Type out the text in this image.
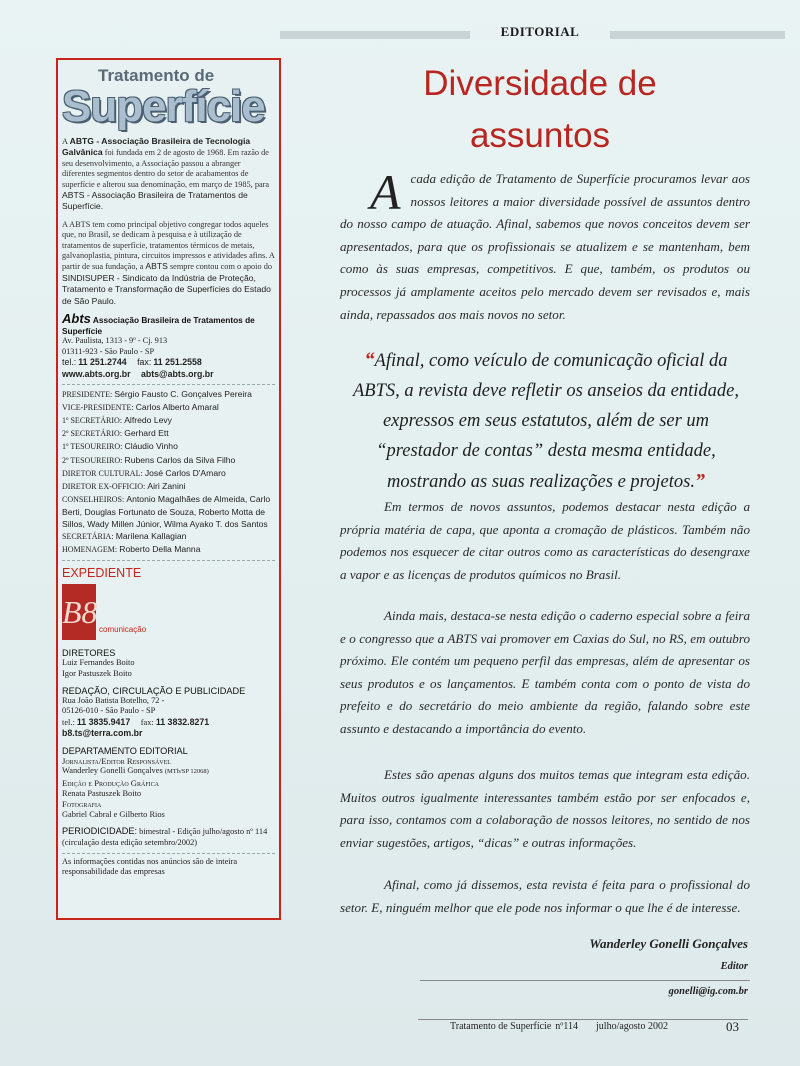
EDITORIAL
Tratamento de
Superfície

A ABTG - Associação Brasileira de Tecnologia Galvânica foi fundada em 2 de agosto de 1968. Em razão de seu desenvolvimento, a Associação passou a abranger diferentes segmentos dentro do setor de acabamentos de superfície e alterou sua denominação, em março de 1985, para ABTS - Associação Brasileira de Tratamentos de Superfície.

A ABTS tem como principal objetivo congregar todos aqueles que, no Brasil, se dedicam à pesquisa e à utilização de tratamentos de superfície, tratamentos térmicos de metais, galvanoplastia, pintura, circuitos impressos e atividades afins. A partir de sua fundação, a ABTS sempre contou com o apoio do SINDISUPER - Sindicato da Indústria de Proteção, Tratamento e Transformação de Superfícies do Estado de São Paulo.

Abts Associação Brasileira de Tratamentos de Superfície

Av. Paulista, 1313 - 9º - Cj. 913

01311-923 - São Paulo - SP

tel.: 11 251.2744 fax: 11 251.2558

www.abts.org.br abts@abts.org.br

PRESIDENTE: Sérgio Fausto C. Gonçalves Pereira

VICE-PRESIDENTE: Carlos Alberto Amaral

1º SECRETÁRIO: Alfredo Levy

2º SECRETÁRIO: Gerhard Ett

1º TESOUREIRO: Cláudio Vinho

2º TESOUREIRO: Rubens Carlos da Silva Filho

DIRETOR CULTURAL: José Carlos D'Amaro

DIRETOR EX-OFFICIO: Airi Zanini

CONSELHEIROS: Antonio Magalhães de Almeida, Carlo Berti, Douglas Fortunato de Souza, Roberto Motta de Sillos, Wady Millen Júnior, Wilma Ayako T. dos Santos

SECRETÁRIA: Marilena Kallagian

HOMENAGEM: Roberto Della Manna

EXPEDIENTE
B8 comunicação

DIRETORES

Luiz Fernandes Boito

Igor Pastuszek Boito

REDAÇÃO, CIRCULAÇÃO E PUBLICIDADE

Rua João Batista Botelho, 72 -

05126-010 - São Paulo - SP

tel.: 11 3835.9417 fax: 11 3832.8271

b8.ts@terra.com.br

DEPARTAMENTO EDITORIAL

Jornalista/Editor Responsável

Wanderley Gonelli Gonçalves (MTb/SP 12068)

Edição e Produção Gráfica

Renata Pastuszek Boito

Fotografia

Gabriel Cabral e Gilberto Rios

PERIODICIDADE: bimestral - Edição julho/agosto nº 114 (circulação desta edição setembro/2002)

As informações contidas nos anúncios são de inteira responsabilidade das empresas

Diversidade de
assuntos

Acada edição de Tratamento de Superfície procuramos levar aos nossos leitores a maior diversidade possível de assuntos dentro do nosso campo de atuação. Afinal, sabemos que novos conceitos devem ser apresentados, para que os profissionais se atualizem e se mantenham, bem como às suas empresas, competitivos. E que, também, os produtos ou processos já amplamente aceitos pelo mercado devem ser revisados e, mais ainda, repassados aos mais novos no setor.

“Afinal, como veículo de comunicação oficial da ABTS, a revista deve refletir os anseios da entidade, expressos em seus estatutos, além de ser um “prestador de contas” desta mesma entidade, mostrando as suas realizações e projetos.”

Em termos de novos assuntos, podemos destacar nesta edição a própria matéria de capa, que aponta a cromação de plásticos. Também não podemos nos esquecer de citar outros como as características do desengraxe a vapor e as licenças de produtos químicos no Brasil.

Ainda mais, destaca-se nesta edição o caderno especial sobre a feira e o congresso que a ABTS vai promover em Caxias do Sul, no RS, em outubro próximo. Ele contém um pequeno perfil das empresas, além de apresentar os seus produtos e os lançamentos. E também conta com o ponto de vista do prefeito e do secretário do meio ambiente da região, falando sobre este assunto e destacando a importância do evento.

Estes são apenas alguns dos muitos temas que integram esta edição. Muitos outros igualmente interessantes também estão por ser enfocados e, para isso, contamos com a colaboração de nossos leitores, no sentido de nos enviar sugestões, artigos, “dicas” e outras informações.

Afinal, como já dissemos, esta revista é feita para o profissional do setor. E, ninguém melhor que ele pode nos informar o que lhe é de interesse.

Wanderley Gonelli Gonçalves
Editor
gonelli@ig.com.br
Tratamento de Superfície nº114 julho/agosto 2002	03
